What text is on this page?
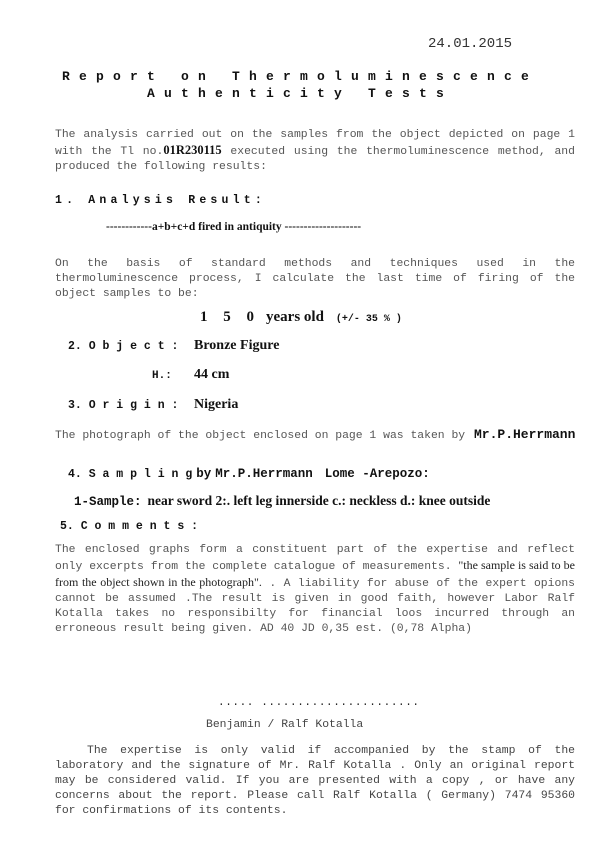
24.01.2015
Report on Thermoluminescence
Authenticity Tests
The analysis carried out on the samples from the object depicted on page 1 with the Tl no.01R230115 executed using the thermoluminescence method, and produced the following results:
1. Analysis Result:
------------a+b+c+d fired in antiquity --------------------
On the basis of standard methods and techniques used in the thermoluminescence process, I calculate the last time of firing of the object samples to be:
1 5 0 years old (+/- 35 % )
2. O b j e c t : Bronze Figure
H.: 44 cm
3. O r i g i n : Nigeria
The photograph of the object enclosed on page 1 was taken by Mr.P.Herrmann
4. S a m p l i n g by Mr.P.Herrmann Lome -Arepozo:
1-Sample: near sword 2:. left leg innerside c.: neckless d.: knee outside
5. C o m m e n t s :
The enclosed graphs form a constituent part of the expertise and reflect only excerpts from the complete catalogue of measurements. "the sample is said to be from the object shown in the photograph". . A liability for abuse of the expert opions cannot be assumed .The result is given in good faith, however Labor Ralf Kotalla takes no responsibilty for financial loos incurred through an erroneous result being given. AD 40 JD 0,35 est. (0,78 Alpha)
..... ......................
Benjamin / Ralf Kotalla
The expertise is only valid if accompanied by the stamp of the laboratory and the signature of Mr. Ralf Kotalla . Only an original report may be considered valid. If you are presented with a copy , or have any concerns about the report. Please call Ralf Kotalla ( Germany) 7474 95360 for confirmations of its contents.
